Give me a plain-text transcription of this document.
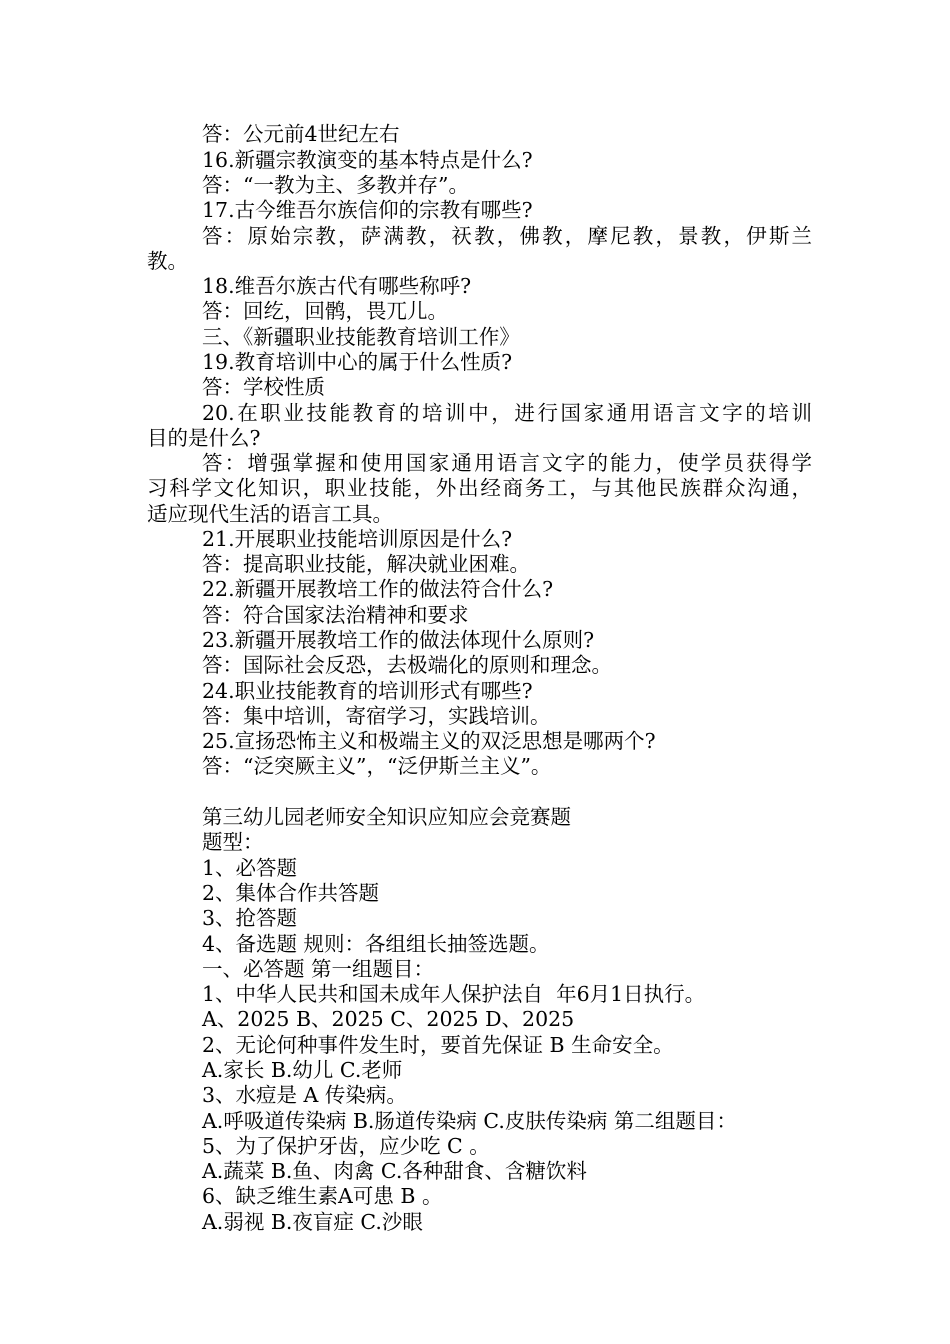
答：公元前4世纪左右
16.新疆宗教演变的基本特点是什么?
答：“一教为主、多教并存”。
17.古今维吾尔族信仰的宗教有哪些?
答：原始宗教，萨满教，祆教，佛教，摩尼教，景教，伊斯兰
教。
18.维吾尔族古代有哪些称呼?
答：回纥，回鹘，畏兀儿。
三、《新疆职业技能教育培训工作》
19.教育培训中心的属于什么性质?
答：学校性质
20.在职业技能教育的培训中，进行国家通用语言文字的培训
目的是什么?
答：增强掌握和使用国家通用语言文字的能力，使学员获得学
习科学文化知识，职业技能，外出经商务工，与其他民族群众沟通，
适应现代生活的语言工具。
21.开展职业技能培训原因是什么?
答：提高职业技能，解决就业困难。
22.新疆开展教培工作的做法符合什么?
答：符合国家法治精神和要求
23.新疆开展教培工作的做法体现什么原则?
答：国际社会反恐，去极端化的原则和理念。
24.职业技能教育的培训形式有哪些?
答：集中培训，寄宿学习，实践培训。
25.宣扬恐怖主义和极端主义的双泛思想是哪两个?
答：“泛突厥主义”，“泛伊斯兰主义”。
第三幼儿园老师安全知识应知应会竞赛题
题型：
1、必答题
2、集体合作共答题
3、抢答题
4、备选题 规则：各组组长抽签选题。
一、必答题 第一组题目：
1、中华人民共和国未成年人保护法自  年6月1日执行。
A、2025 B、2025 C、2025 D、2025
2、无论何种事件发生时，要首先保证 B 生命安全。
A.家长 B.幼儿 C.老师
3、水痘是 A 传染病。
A.呼吸道传染病 B.肠道传染病 C.皮肤传染病 第二组题目：
5、为了保护牙齿，应少吃 C 。
A.蔬菜 B.鱼、肉禽 C.各种甜食、含糖饮料
6、缺乏维生素A可患 B 。
A.弱视 B.夜盲症 C.沙眼
